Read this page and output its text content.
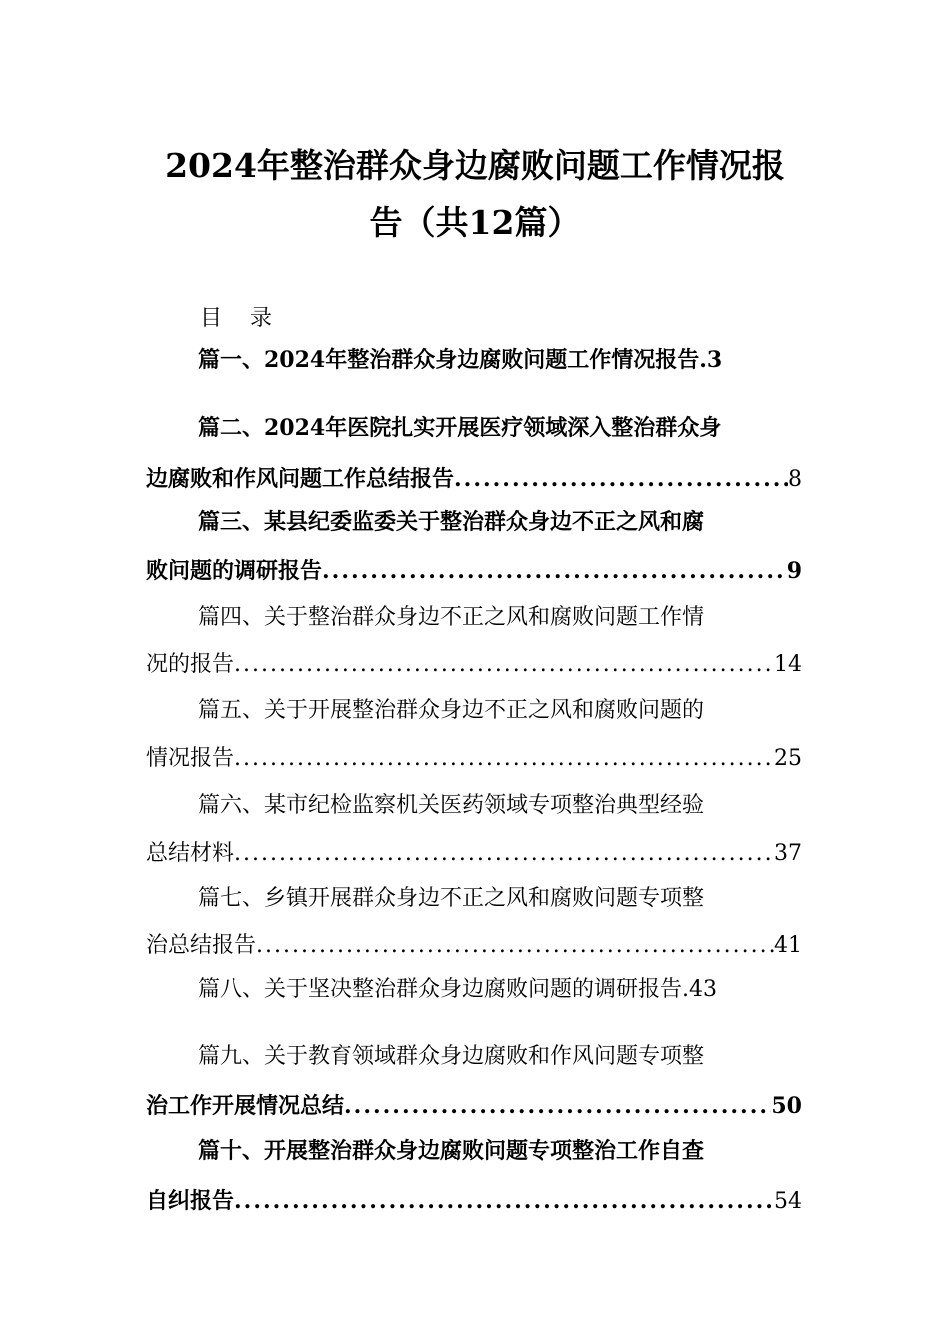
2024年整治群众身边腐败问题工作情况报
告（共12篇）
目    录
篇一、2024年整治群众身边腐败问题工作情况报告.3
篇二、2024年医院扎实开展医疗领域深入整治群众身
边腐败和作风问题工作总结报告 .....	8
篇三、某县纪委监委关于整治群众身边不正之风和腐
败问题的调研报告 .....	9
篇四、关于整治群众身边不正之风和腐败问题工作情
况的报告 .....	14
篇五、关于开展整治群众身边不正之风和腐败问题的
情况报告 .....	25
篇六、某市纪检监察机关医药领域专项整治典型经验
总结材料 .....	37
篇七、乡镇开展群众身边不正之风和腐败问题专项整
治总结报告 .....	41
篇八、关于坚决整治群众身边腐败问题的调研报告.43
篇九、关于教育领域群众身边腐败和作风问题专项整
治工作开展情况总结 .....	50
篇十、开展整治群众身边腐败问题专项整治工作自查
自纠报告 .....	54
